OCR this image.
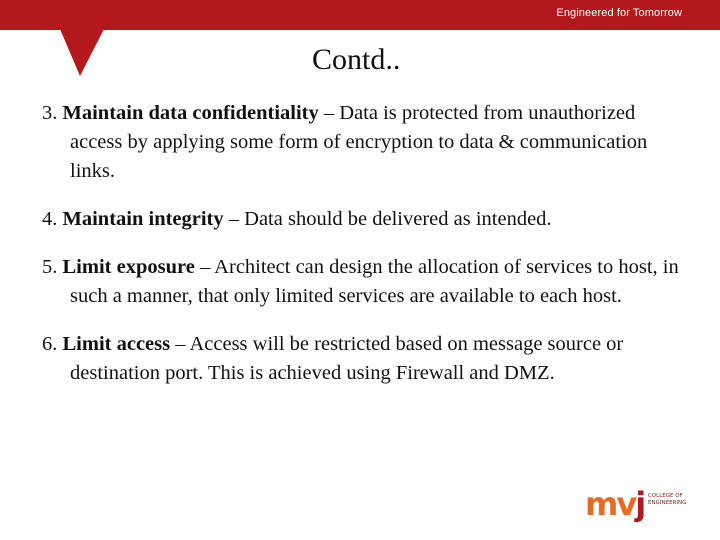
Engineered for Tomorrow
Contd..
3. Maintain data confidentiality – Data is protected from unauthorized access by applying some form of encryption to data & communication links.
4. Maintain integrity – Data should be delivered as intended.
5. Limit exposure – Architect can design the allocation of services to host, in such a manner, that only limited services are available to each host.
6. Limit access – Access will be restricted based on message source or destination port. This is achieved using Firewall and DMZ.
mvj COLLEGE OF
ENGINEERING
